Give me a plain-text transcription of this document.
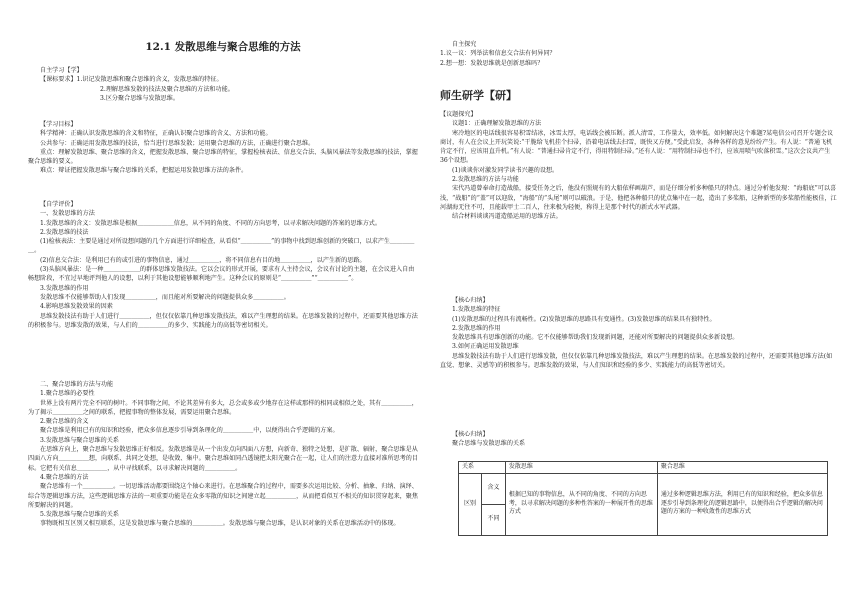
12.1 发散思维与聚合思维的方法

自主学习【学】

【课标要求】1.识记发散思维和聚合思维的含义，发散思维的特征。

2.理解思维发散的技法及聚合思维的方法和功能。

3.区分聚合思维与发散思维。

【学习目标】

科学精神：正确认识发散思维的含义和特征，正确认识聚合思维的含义、方法和功能。

公共参与：正确运用发散思维的技法，恰当进行思维发散；运用聚合思维的方法，正确进行聚合思维。

重点：理解发散思维、聚合思维的含义，把握发散思维、聚合思维的特征，掌握检核表法、信息交合法、头脑风暴法等发散思维的技法，掌握聚合思维的要义。

难点：辩证把握发散思维与聚合思维的关系，把握运用发散思维方法的条件。

【自学评价】

一、发散思维的方法

1.发散思维的含义：发散思维是根据＿＿＿＿＿＿信息，从不同的角度、不同的方向思考，以寻求解决问题的答案的思维方式。

2.发散思维的技法

(1)检核表法：主要是通过对所设想问题的几个方面进行详细检查，从看似“＿＿＿＿＿”的事物中找到思维创新的突破口，以求产生＿＿＿＿＿。

(2)信息交合法：是利用已有的或引进的事物信息，通过＿＿＿＿＿，将不同信息有目的地＿＿＿＿＿，以产生新的思路。

(3)头脑风暴法：是一种＿＿＿＿＿＿的群体思维发散技法。它以会议的形式开展，要求有人主持会议，会议有讨论的主题，在会议进入自由畅想阶段，不宜过早地评判他人的设想，以利于其他设想能够顺利地产生。这种会议的原则是“＿＿＿＿＿”“＿＿＿＿＿”。

3.发散思维的作用

发散思维不仅能够帮助人们发现＿＿＿＿＿，而且能对所要解决的问题提供众多＿＿＿＿＿。

4.影响思维发散效果的因素

思维发散技法有助于人们进行＿＿＿＿＿，但仅仅依靠几种思维发散技法，难以产生理想的结果。在思维发散的过程中，还需要其他思维方法的积极参与。思维发散的效果，与人们的＿＿＿＿＿的多少、实践能力的高低等密切相关。

二、聚合思维的方法与功能

1.聚合思维的必要性

世界上没有两片完全不同的树叶。不同事物之间，不论其差异有多大，总会或多或少地存在这样或那样的相同或相似之处，其有＿＿＿＿＿，为了揭示＿＿＿＿＿之间的联系，把握事物的整体发展，需要运用聚合思维。

2.聚合思维的含义

聚合思维是利用已有的知识和经验，把众多信息逐步引导到条理化的＿＿＿＿＿中，以便得出合乎逻辑的方案。

3.发散思维与聚合思维的关系

在思维方向上，聚合思维与发散思维正好相反。发散思维是从一个出发点向四面八方想，向新奇、独特之处想，是扩散、辐射，聚合思维是从四面八方向＿＿＿＿＿想，向联系、共同之处想，是收敛、集中。聚合思维如同凸透镜把太阳光聚合在一起，让人们的注意力直接对准所思考的目标。它把有关信息＿＿＿＿＿，从中寻找联系，以寻求解决问题的＿＿＿＿＿。

4.聚合思维的方法

聚合思维有一个＿＿＿＿＿。一切思维活动都要围绕这个轴心来进行。在思维聚合的过程中，需要多次运用比较、分析、抽象、归纳、演绎、综合等逻辑思维方法，这些逻辑思维方法的一项重要功能是在众多零散的知识之间建立起＿＿＿＿＿，从而把看似互不相关的知识贯穿起来，聚焦所要解决的问题。

5.发散思维与聚合思维的关系

事物既相互区别又相互联系，这是发散思维与聚合思维的＿＿＿＿＿。发散思维与聚合思维，是认识对象的关系在思维活动中的体现。

自主探究

1.议一议：列举法和信息交合法有何异同？

2.想一想：发散思维就是创新思维吗？

师生研学【研】

【议题探究】

议题1：正确理解发散思维的方法

寒冷地区的电话线很容易积雪结冰，冰雪太厚，电话线会被压断。派人清雪，工作量大，效率低。如何解决这个难题?某电信公司召开专题会议商讨，有人在会议上开玩笑说:“干脆给飞机挂个扫帚，沿着电话线去扫雪，既快又方便。”受此启发，各种各样的意见纷纷产生。有人说：“普通飞机肯定不行，应该用直升机。”有人说：“普通扫帚肯定不行，得用特制扫帚。”还有人说：“用特制扫帚也不行，应该用喷气吹落积雪。”这次会议共产生36个设想。

(1)谈谈你对激发同学读书兴趣的设想。

2.发散思维的方法与功能

宋代冯道曾奉命打造战船，接受任务之后，他没有照规有的大船依样画葫芦，而是仔细分析多种船只的特点。通过分析他发现：“海船底”可以喜浅，“战船”的“盖”可以迎敌，“海船”的“头尾”则可以破浪。于是，他把各种船只的优点集中在一起，造出了多桨船，这种新型的多桨船性能极佳，江河湖海无往不可，且能载甲士二百人，往来极为轻便，称得上是那个时代的新式水军武器。

结合材料谈谈冯道造船运用的思维方法。

【核心归纳】

1.发散思维的特征

(1)发散思维的过程具有流畅性。(2)发散思维的思路具有变通性。(3)发散思维的结果具有独特性。

2.发散思维的作用

发散思维具有思维创新的功能。它不仅能够帮助我们发现新问题，还能对所要解决的问题提供众多新设想。

3.如何正确运用发散思维

思维发散技法有助于人们进行思维发散，但仅仅依靠几种思维发散技法，难以产生理想的结果。在思维发散的过程中，还需要其他思维方法(如直觉、想象、灵感等)的积极参与。思维发散的效果，与人们知识和经验的多少、实践能力的高低等密切关。

【核心归纳】

聚合思维与发散思维的关系

关系		发散思维	聚合思维
区别	含义	根据已知的事物信息，从不同的角度、不同的方向思考，以寻求解决问题的多种性答案的一种展开性的思维方式	通过多种逻辑思维方法，利用已有的知识和经验，把众多信息逐步引导到条理化的逻辑思路中，以便得出合乎逻辑的解决问题的方案的一种收敛性的思维方式
	不同		
